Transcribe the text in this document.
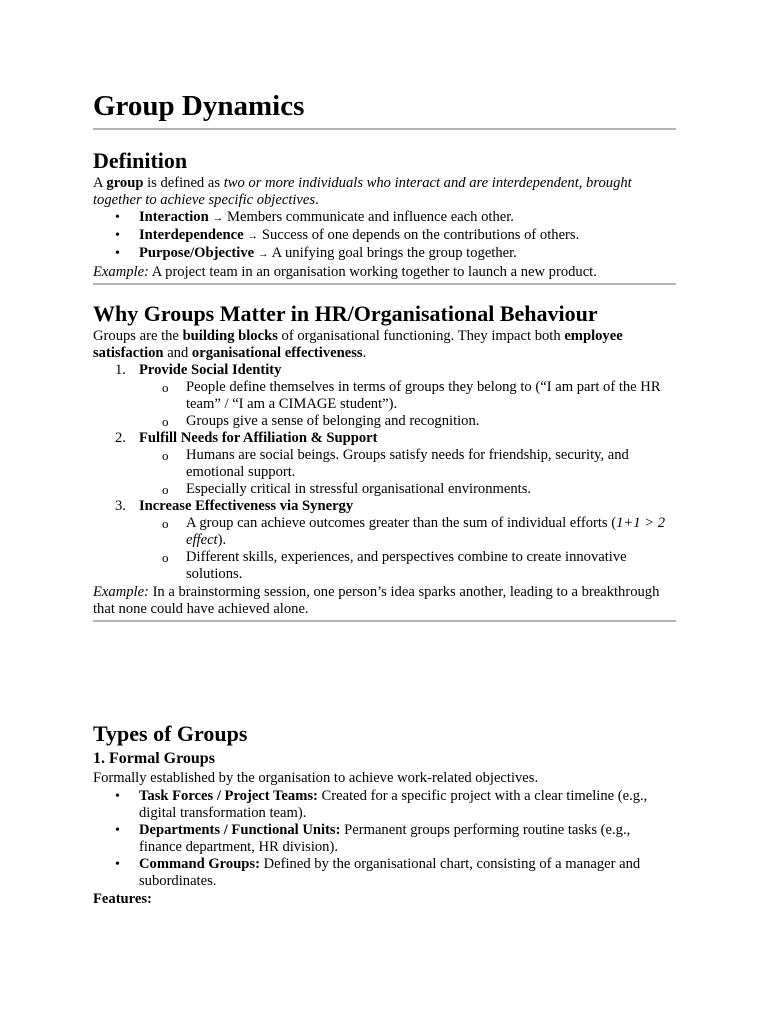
Group Dynamics
Definition

A group is defined as two or more individuals who interact and are interdependent, brought together to achieve specific objectives.

• Interaction → Members communicate and influence each other.
• Interdependence → Success of one depends on the contributions of others.
• Purpose/Objective → A unifying goal brings the group together.

Example: A project team in an organisation working together to launch a new product.

Why Groups Matter in HR/Organisational Behaviour

Groups are the building blocks of organisational functioning. They impact both employee satisfaction and organisational effectiveness.

1. Provide Social Identity
o People define themselves in terms of groups they belong to (“I am part of the HR team” / “I am a CIMAGE student”).
o Groups give a sense of belonging and recognition.
2. Fulfill Needs for Affiliation & Support
o Humans are social beings. Groups satisfy needs for friendship, security, and emotional support.
o Especially critical in stressful organisational environments.
3. Increase Effectiveness via Synergy
o A group can achieve outcomes greater than the sum of individual efforts (1+1 > 2 effect).
o Different skills, experiences, and perspectives combine to create innovative solutions.

Example: In a brainstorming session, one person’s idea sparks another, leading to a breakthrough that none could have achieved alone.

Types of Groups
1. Formal Groups

Formally established by the organisation to achieve work-related objectives.

• Task Forces / Project Teams: Created for a specific project with a clear timeline (e.g., digital transformation team).
• Departments / Functional Units: Permanent groups performing routine tasks (e.g., finance department, HR division).
• Command Groups: Defined by the organisational chart, consisting of a manager and subordinates.

Features:
